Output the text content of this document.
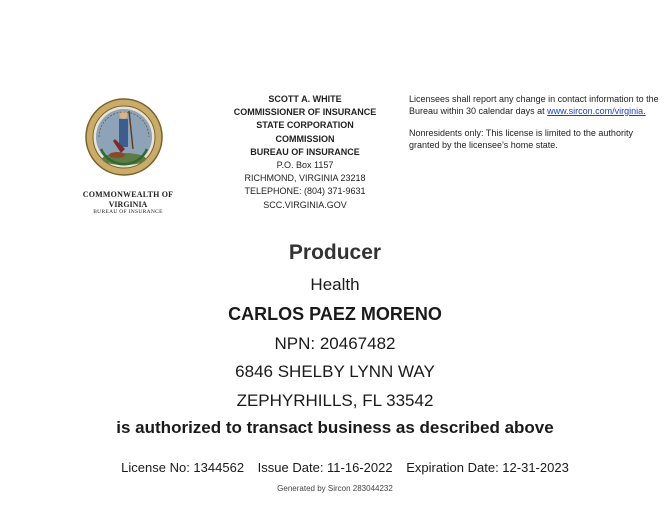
COMMONWEALTH OF
VIRGINIA
BUREAU OF INSURANCE
SCOTT A. WHITE
COMMISSIONER OF INSURANCE
STATE CORPORATION
COMMISSION
BUREAU OF INSURANCE
P.O. Box 1157
RICHMOND, VIRGINIA 23218
TELEPHONE: (804) 371-9631
SCC.VIRGINIA.GOV

Licensees shall report any change in contact information to the Bureau within 30 calendar days at www.sircon.com/virginia.

Nonresidents only: This license is limited to the authority granted by the licensee's home state.

Producer
Health
CARLOS PAEZ MORENO
NPN: 20467482
6846 SHELBY LYNN WAY
ZEPHYRHILLS, FL 33542
is authorized to transact business as described above
License No: 1344562 Issue Date: 11-16-2022 Expiration Date: 12-31-2023
Generated by Sircon 283044232
